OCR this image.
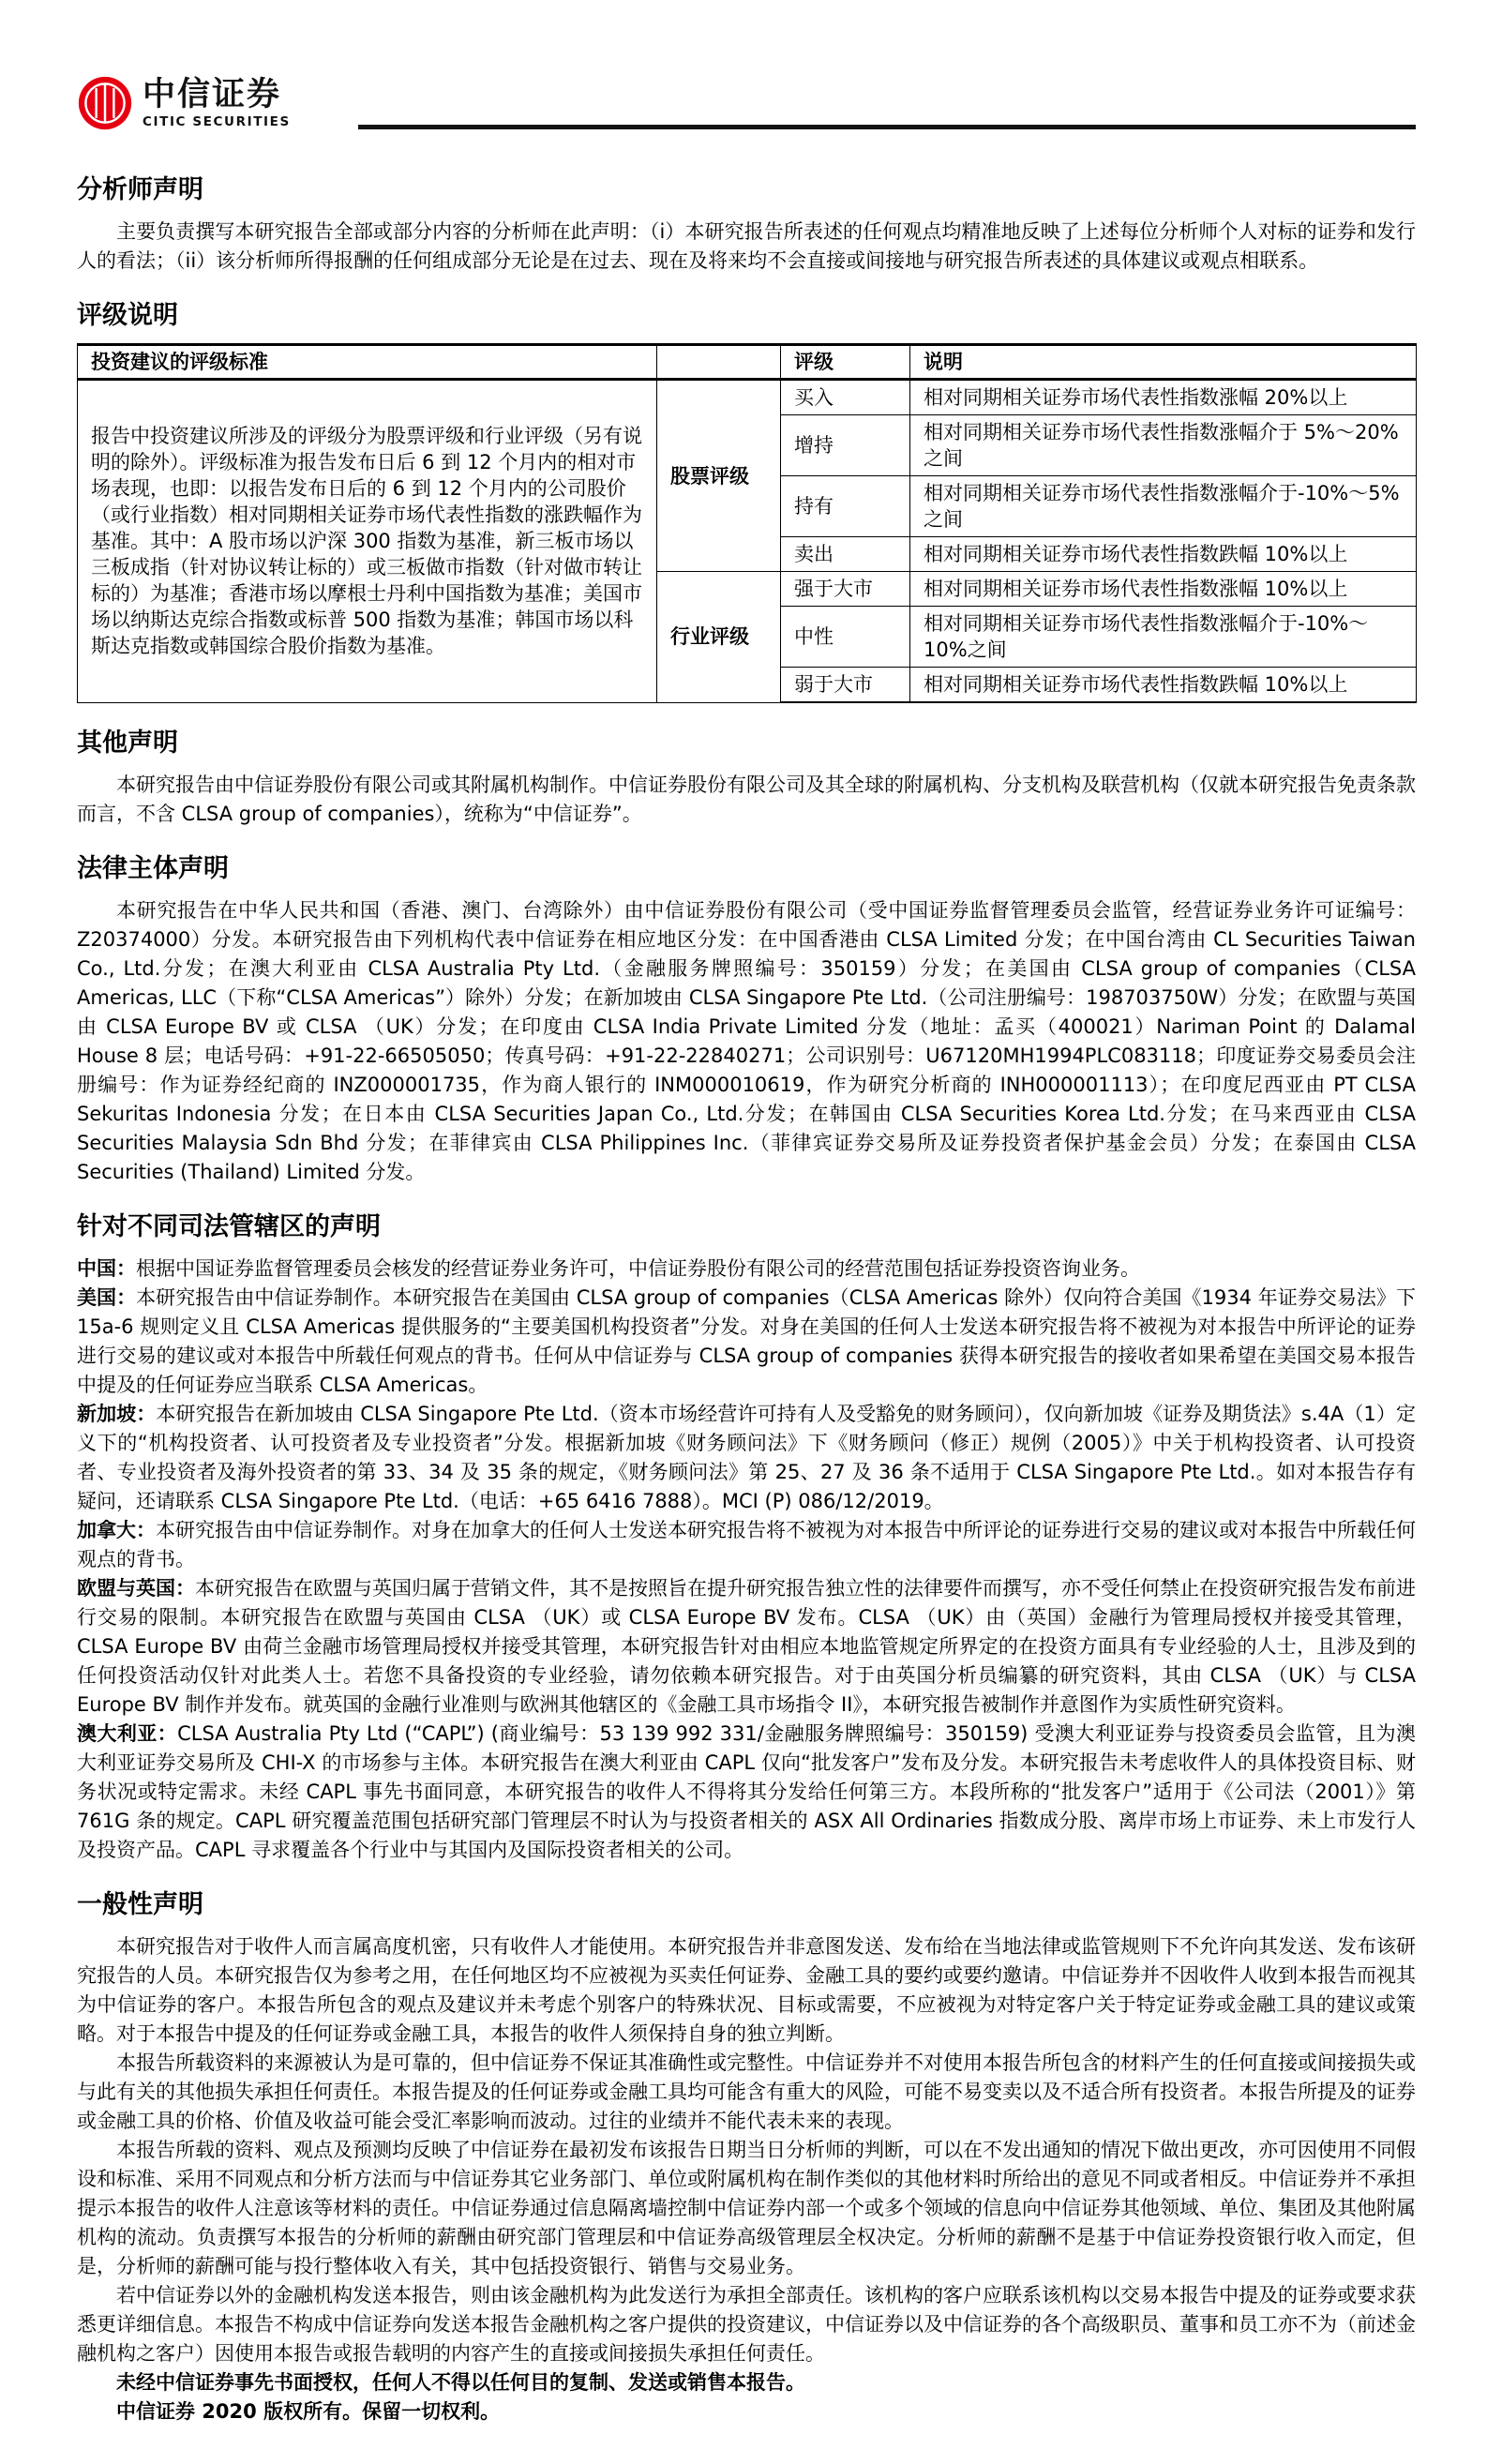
中信证券
CITIC SECURITIES
分析师声明

主要负责撰写本研究报告全部或部分内容的分析师在此声明：（i）本研究报告所表述的任何观点均精准地反映了上述每位分析师个人对标的证券和发行人的看法；（ii）该分析师所得报酬的任何组成部分无论是在过去、现在及将来均不会直接或间接地与研究报告所表述的具体建议或观点相联系。

评级说明
投资建议的评级标准		评级	说明
报告中投资建议所涉及的评级分为股票评级和行业评级（另有说明的除外）。评级标准为报告发布日后 6 到 12 个月内的相对市场表现，也即：以报告发布日后的 6 到 12 个月内的公司股价（或行业指数）相对同期相关证券市场代表性指数的涨跌幅作为基准。其中：A 股市场以沪深 300 指数为基准，新三板市场以三板成指（针对协议转让标的）或三板做市指数（针对做市转让标的）为基准；香港市场以摩根士丹利中国指数为基准；美国市场以纳斯达克综合指数或标普 500 指数为基准；韩国市场以科斯达克指数或韩国综合股价指数为基准。	股票评级	买入	相对同期相关证券市场代表性指数涨幅 20%以上
		增持	相对同期相关证券市场代表性指数涨幅介于 5%～20%之间
		持有	相对同期相关证券市场代表性指数涨幅介于-10%～5%之间
		卖出	相对同期相关证券市场代表性指数跌幅 10%以上
	行业评级	强于大市	相对同期相关证券市场代表性指数涨幅 10%以上
		中性	相对同期相关证券市场代表性指数涨幅介于-10%～10%之间
		弱于大市	相对同期相关证券市场代表性指数跌幅 10%以上
其他声明

本研究报告由中信证券股份有限公司或其附属机构制作。中信证券股份有限公司及其全球的附属机构、分支机构及联营机构（仅就本研究报告免责条款而言，不含 CLSA group of companies），统称为“中信证券”。

法律主体声明

本研究报告在中华人民共和国（香港、澳门、台湾除外）由中信证券股份有限公司（受中国证券监督管理委员会监管，经营证券业务许可证编号：Z20374000）分发。本研究报告由下列机构代表中信证券在相应地区分发：在中国香港由 CLSA Limited 分发；在中国台湾由 CL Securities Taiwan Co., Ltd.分发；在澳大利亚由 CLSA Australia Pty Ltd.（金融服务牌照编号：350159）分发；在美国由 CLSA group of companies（CLSA Americas, LLC（下称“CLSA Americas”）除外）分发；在新加坡由 CLSA Singapore Pte Ltd.（公司注册编号：198703750W）分发；在欧盟与英国由 CLSA Europe BV 或 CLSA （UK）分发；在印度由 CLSA India Private Limited 分发（地址：孟买（400021）Nariman Point 的 Dalamal House 8 层；电话号码：+91-22-66505050；传真号码：+91-22-22840271；公司识别号：U67120MH1994PLC083118；印度证券交易委员会注册编号：作为证券经纪商的 INZ000001735，作为商人银行的 INM000010619，作为研究分析商的 INH000001113）；在印度尼西亚由 PT CLSA Sekuritas Indonesia 分发；在日本由 CLSA Securities Japan Co., Ltd.分发；在韩国由 CLSA Securities Korea Ltd.分发；在马来西亚由 CLSA Securities Malaysia Sdn Bhd 分发；在菲律宾由 CLSA Philippines Inc.（菲律宾证券交易所及证券投资者保护基金会员）分发；在泰国由 CLSA Securities (Thailand) Limited 分发。

针对不同司法管辖区的声明

中国：根据中国证券监督管理委员会核发的经营证券业务许可，中信证券股份有限公司的经营范围包括证券投资咨询业务。

美国：本研究报告由中信证券制作。本研究报告在美国由 CLSA group of companies（CLSA Americas 除外）仅向符合美国《1934 年证券交易法》下 15a-6 规则定义且 CLSA Americas 提供服务的“主要美国机构投资者”分发。对身在美国的任何人士发送本研究报告将不被视为对本报告中所评论的证券进行交易的建议或对本报告中所载任何观点的背书。任何从中信证券与 CLSA group of companies 获得本研究报告的接收者如果希望在美国交易本报告中提及的任何证券应当联系 CLSA Americas。

新加坡：本研究报告在新加坡由 CLSA Singapore Pte Ltd.（资本市场经营许可持有人及受豁免的财务顾问），仅向新加坡《证券及期货法》s.4A（1）定义下的“机构投资者、认可投资者及专业投资者”分发。根据新加坡《财务顾问法》下《财务顾问（修正）规例（2005）》中关于机构投资者、认可投资者、专业投资者及海外投资者的第 33、34 及 35 条的规定，《财务顾问法》第 25、27 及 36 条不适用于 CLSA Singapore Pte Ltd.。如对本报告存有疑问，还请联系 CLSA Singapore Pte Ltd.（电话：+65 6416 7888）。MCI (P) 086/12/2019。

加拿大：本研究报告由中信证券制作。对身在加拿大的任何人士发送本研究报告将不被视为对本报告中所评论的证券进行交易的建议或对本报告中所载任何观点的背书。

欧盟与英国：本研究报告在欧盟与英国归属于营销文件，其不是按照旨在提升研究报告独立性的法律要件而撰写，亦不受任何禁止在投资研究报告发布前进行交易的限制。本研究报告在欧盟与英国由 CLSA （UK）或 CLSA Europe BV 发布。CLSA （UK）由（英国）金融行为管理局授权并接受其管理，CLSA Europe BV 由荷兰金融市场管理局授权并接受其管理，本研究报告针对由相应本地监管规定所界定的在投资方面具有专业经验的人士，且涉及到的任何投资活动仅针对此类人士。若您不具备投资的专业经验，请勿依赖本研究报告。对于由英国分析员编纂的研究资料，其由 CLSA （UK）与 CLSA Europe BV 制作并发布。就英国的金融行业准则与欧洲其他辖区的《金融工具市场指令 II》，本研究报告被制作并意图作为实质性研究资料。

澳大利亚：CLSA Australia Pty Ltd (“CAPL”) (商业编号：53 139 992 331/金融服务牌照编号：350159) 受澳大利亚证券与投资委员会监管，且为澳大利亚证券交易所及 CHI-X 的市场参与主体。本研究报告在澳大利亚由 CAPL 仅向“批发客户”发布及分发。本研究报告未考虑收件人的具体投资目标、财务状况或特定需求。未经 CAPL 事先书面同意，本研究报告的收件人不得将其分发给任何第三方。本段所称的“批发客户”适用于《公司法（2001）》第 761G 条的规定。CAPL 研究覆盖范围包括研究部门管理层不时认为与投资者相关的 ASX All Ordinaries 指数成分股、离岸市场上市证券、未上市发行人及投资产品。CAPL 寻求覆盖各个行业中与其国内及国际投资者相关的公司。

一般性声明

本研究报告对于收件人而言属高度机密，只有收件人才能使用。本研究报告并非意图发送、发布给在当地法律或监管规则下不允许向其发送、发布该研究报告的人员。本研究报告仅为参考之用，在任何地区均不应被视为买卖任何证券、金融工具的要约或要约邀请。中信证券并不因收件人收到本报告而视其为中信证券的客户。本报告所包含的观点及建议并未考虑个别客户的特殊状况、目标或需要，不应被视为对特定客户关于特定证券或金融工具的建议或策略。对于本报告中提及的任何证券或金融工具，本报告的收件人须保持自身的独立判断。

本报告所载资料的来源被认为是可靠的，但中信证券不保证其准确性或完整性。中信证券并不对使用本报告所包含的材料产生的任何直接或间接损失或与此有关的其他损失承担任何责任。本报告提及的任何证券或金融工具均可能含有重大的风险，可能不易变卖以及不适合所有投资者。本报告所提及的证券或金融工具的价格、价值及收益可能会受汇率影响而波动。过往的业绩并不能代表未来的表现。

本报告所载的资料、观点及预测均反映了中信证券在最初发布该报告日期当日分析师的判断，可以在不发出通知的情况下做出更改，亦可因使用不同假设和标准、采用不同观点和分析方法而与中信证券其它业务部门、单位或附属机构在制作类似的其他材料时所给出的意见不同或者相反。中信证券并不承担提示本报告的收件人注意该等材料的责任。中信证券通过信息隔离墙控制中信证券内部一个或多个领域的信息向中信证券其他领域、单位、集团及其他附属机构的流动。负责撰写本报告的分析师的薪酬由研究部门管理层和中信证券高级管理层全权决定。分析师的薪酬不是基于中信证券投资银行收入而定，但是，分析师的薪酬可能与投行整体收入有关，其中包括投资银行、销售与交易业务。

若中信证券以外的金融机构发送本报告，则由该金融机构为此发送行为承担全部责任。该机构的客户应联系该机构以交易本报告中提及的证券或要求获悉更详细信息。本报告不构成中信证券向发送本报告金融机构之客户提供的投资建议，中信证券以及中信证券的各个高级职员、董事和员工亦不为（前述金融机构之客户）因使用本报告或报告载明的内容产生的直接或间接损失承担任何责任。

未经中信证券事先书面授权，任何人不得以任何目的复制、发送或销售本报告。

中信证券 2020 版权所有。保留一切权利。
